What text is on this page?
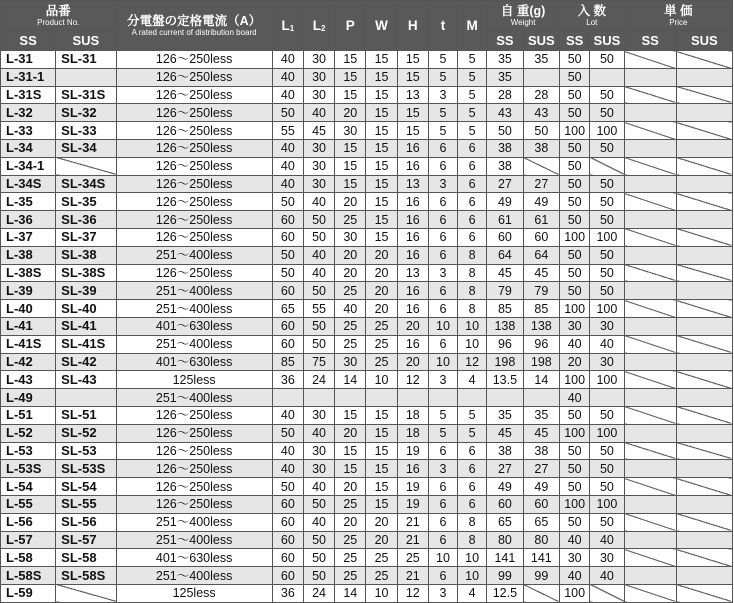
品番
Product No.		分電盤の定格電流（A）
A rated current of distribution board	$L_1$	$L_2$	P	W	H	t	M	自 重(g)
Weight		入 数
Lot		単 価
Price	

SS	SUS									SS	SUS	SS	SUS	SS	SUS
L-31	SL-31	126～250less	40	30	15	15	15	5	5	35	35	50	50		
L-31-1		126～250less	40	30	15	15	15	5	5	35		50			
L-31S	SL-31S	126～250less	40	30	15	15	13	3	5	28	28	50	50		
L-32	SL-32	126～250less	50	40	20	15	15	5	5	43	43	50	50		
L-33	SL-33	126～250less	55	45	30	15	15	5	5	50	50	100	100		
L-34	SL-34	126～250less	40	30	15	15	16	6	6	38	38	50	50		
L-34-1		126～250less	40	30	15	15	16	6	6	38		50			
L-34S	SL-34S	126～250less	40	30	15	15	13	3	6	27	27	50	50		
L-35	SL-35	126～250less	50	40	20	15	16	6	6	49	49	50	50		
L-36	SL-36	126～250less	60	50	25	15	16	6	6	61	61	50	50		
L-37	SL-37	126～250less	60	50	30	15	16	6	6	60	60	100	100		
L-38	SL-38	251～400less	50	40	20	20	16	6	8	64	64	50	50		
L-38S	SL-38S	126～250less	50	40	20	20	13	3	8	45	45	50	50		
L-39	SL-39	251～400less	60	50	25	20	16	6	8	79	79	50	50		
L-40	SL-40	251～400less	65	55	40	20	16	6	8	85	85	100	100		
L-41	SL-41	401～630less	60	50	25	25	20	10	10	138	138	30	30		
L-41S	SL-41S	251～400less	60	50	25	25	16	6	10	96	96	40	40		
L-42	SL-42	401～630less	85	75	30	25	20	10	12	198	198	20	30		
L-43	SL-43	125less	36	24	14	10	12	3	4	13.5	14	100	100		
L-49		251～400less										40			
L-51	SL-51	126～250less	40	30	15	15	18	5	5	35	35	50	50		
L-52	SL-52	126～250less	50	40	20	15	18	5	5	45	45	100	100		
L-53	SL-53	126～250less	40	30	15	15	19	6	6	38	38	50	50		
L-53S	SL-53S	126～250less	40	30	15	15	16	3	6	27	27	50	50		
L-54	SL-54	126～250less	50	40	20	15	19	6	6	49	49	50	50		
L-55	SL-55	126～250less	60	50	25	15	19	6	6	60	60	100	100		
L-56	SL-56	251～400less	60	40	20	20	21	6	8	65	65	50	50		
L-57	SL-57	251～400less	60	50	25	20	21	6	8	80	80	40	40		
L-58	SL-58	401～630less	60	50	25	25	25	10	10	141	141	30	30		
L-58S	SL-58S	251～400less	60	50	25	25	21	6	10	99	99	40	40		
L-59		125less	36	24	14	10	12	3	4	12.5		100			
